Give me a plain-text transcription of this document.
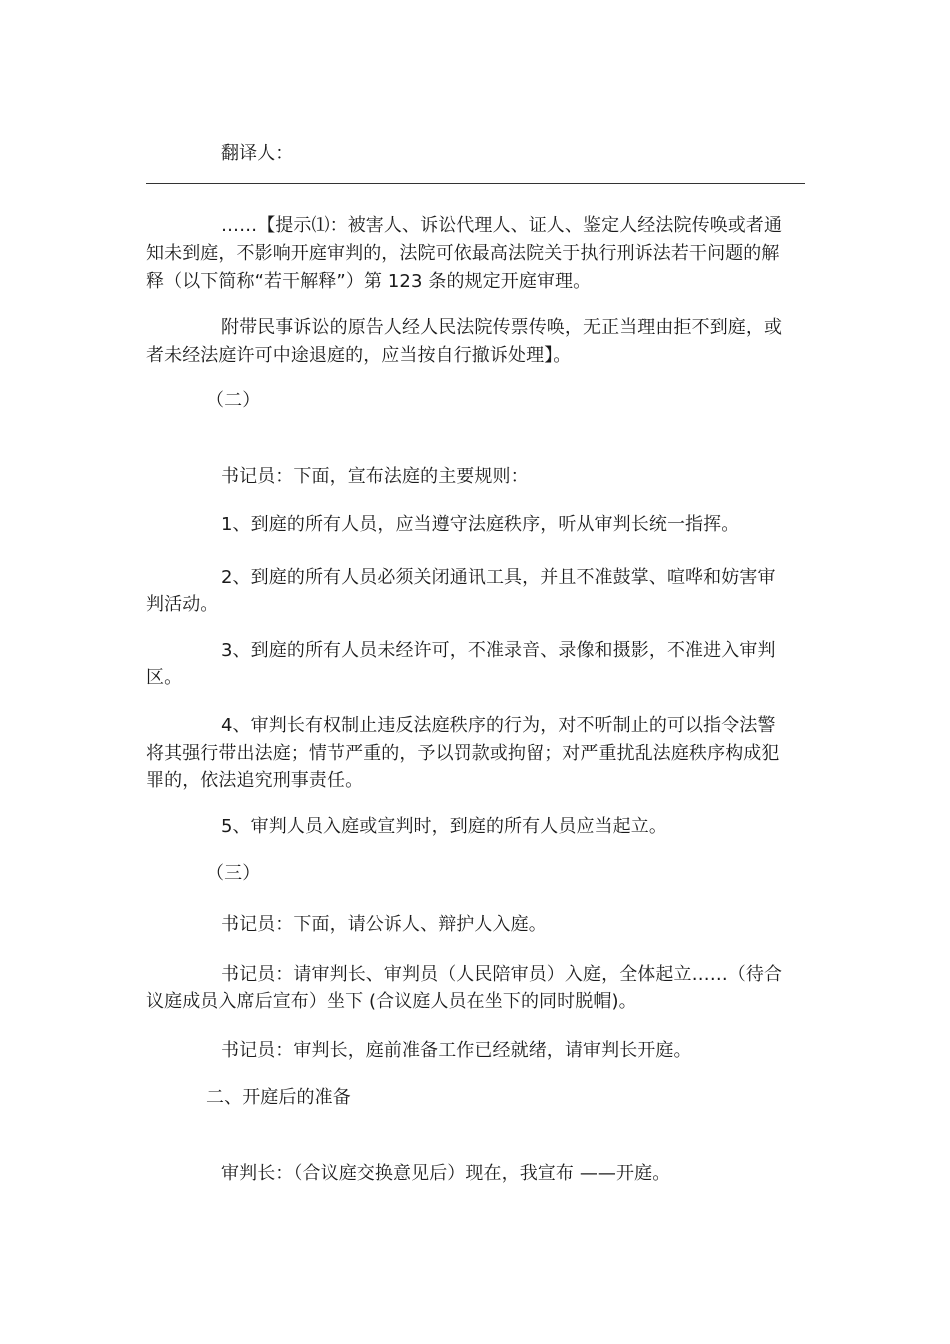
翻译人：
……【提示⑴：被害人、诉讼代理人、证人、鉴定人经法院传唤或者通
知未到庭，不影响开庭审判的，法院可依最高法院关于执行刑诉法若干问题的解
释（以下简称“若干解释”）第 123 条的规定开庭审理。
附带民事诉讼的原告人经人民法院传票传唤，无正当理由拒不到庭，或
者未经法庭许可中途退庭的，应当按自行撤诉处理】。
（二）
书记员：下面，宣布法庭的主要规则：
1、到庭的所有人员，应当遵守法庭秩序，听从审判长统一指挥。
2、到庭的所有人员必须关闭通讯工具，并且不准鼓掌、喧哗和妨害审
判活动。
3、到庭的所有人员未经许可，不准录音、录像和摄影，不准进入审判
区。
4、审判长有权制止违反法庭秩序的行为，对不听制止的可以指令法警
将其强行带出法庭；情节严重的，予以罚款或拘留；对严重扰乱法庭秩序构成犯
罪的，依法追究刑事责任。
5、审判人员入庭或宣判时，到庭的所有人员应当起立。
（三）
书记员：下面，请公诉人、辩护人入庭。
书记员：请审判长、审判员（人民陪审员）入庭，全体起立……（待合
议庭成员入席后宣布）坐下 (合议庭人员在坐下的同时脱帽)。
书记员：审判长，庭前准备工作已经就绪，请审判长开庭。
二、开庭后的准备
审判长：（合议庭交换意见后）现在，我宣布 ——开庭。
